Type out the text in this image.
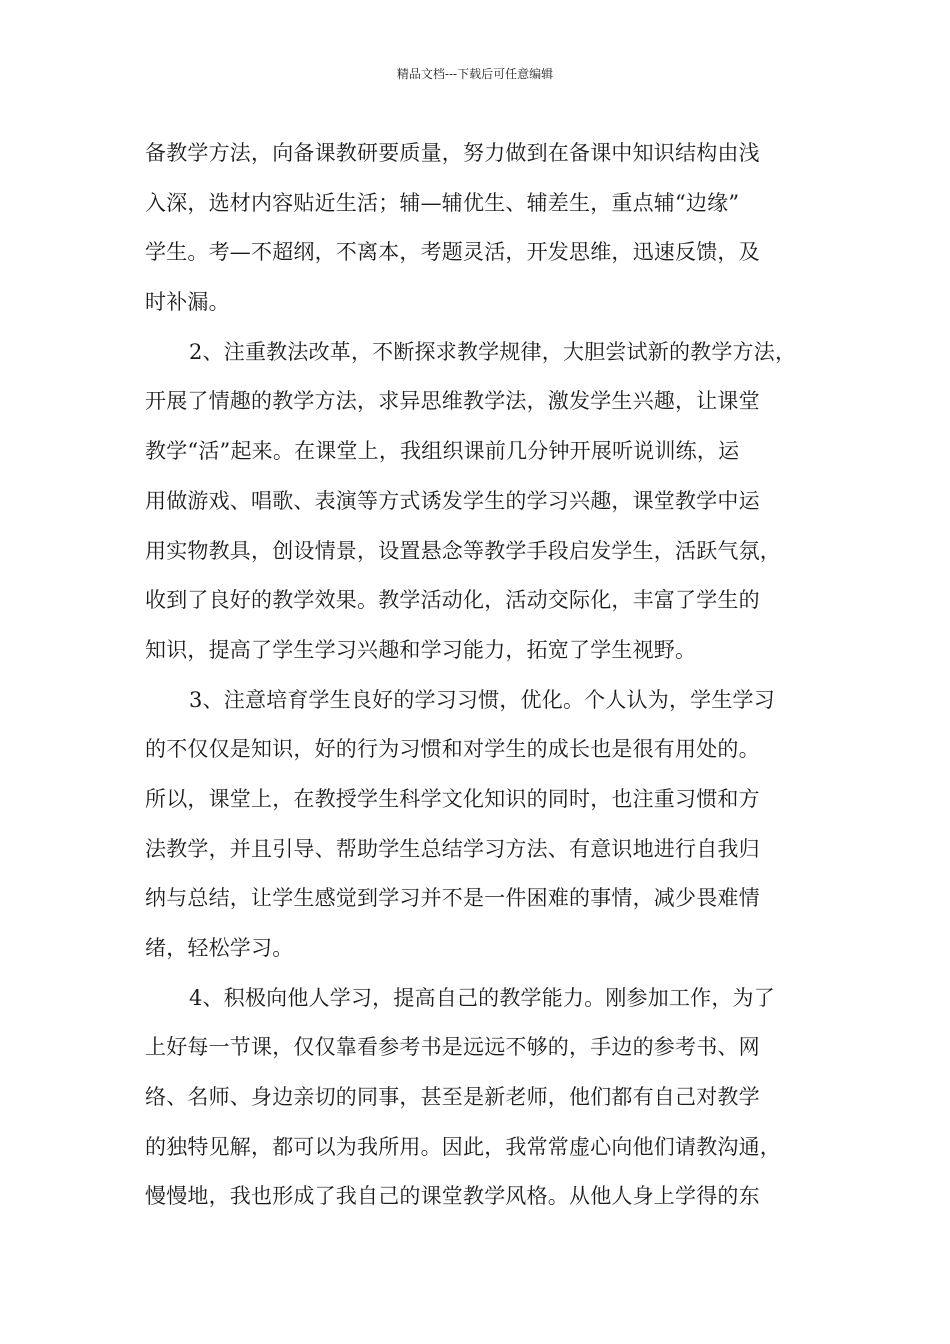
精品文档---下载后可任意编辑
备教学方法，向备课教研要质量，努力做到在备课中知识结构由浅
入深，选材内容贴近生活；辅—辅优生、辅差生，重点辅“边缘”
学生。考—不超纲，不离本，考题灵活，开发思维，迅速反馈，及
时补漏。
2、注重教法改革，不断探求教学规律，大胆尝试新的教学方法，
开展了情趣的教学方法，求异思维教学法，激发学生兴趣，让课堂
教学“活”起来。在课堂上，我组织课前几分钟开展听说训练，运
用做游戏、唱歌、表演等方式诱发学生的学习兴趣，课堂教学中运
用实物教具，创设情景，设置悬念等教学手段启发学生，活跃气氛，
收到了良好的教学效果。教学活动化，活动交际化，丰富了学生的
知识，提高了学生学习兴趣和学习能力，拓宽了学生视野。
3、注意培育学生良好的学习习惯，优化。个人认为，学生学习
的不仅仅是知识，好的行为习惯和对学生的成长也是很有用处的。
所以，课堂上，在教授学生科学文化知识的同时，也注重习惯和方
法教学，并且引导、帮助学生总结学习方法、有意识地进行自我归
纳与总结，让学生感觉到学习并不是一件困难的事情，减少畏难情
绪，轻松学习。
4、积极向他人学习，提高自己的教学能力。刚参加工作，为了
上好每一节课，仅仅靠看参考书是远远不够的，手边的参考书、网
络、名师、身边亲切的同事，甚至是新老师，他们都有自己对教学
的独特见解，都可以为我所用。因此，我常常虚心向他们请教沟通，
慢慢地，我也形成了我自己的课堂教学风格。从他人身上学得的东
